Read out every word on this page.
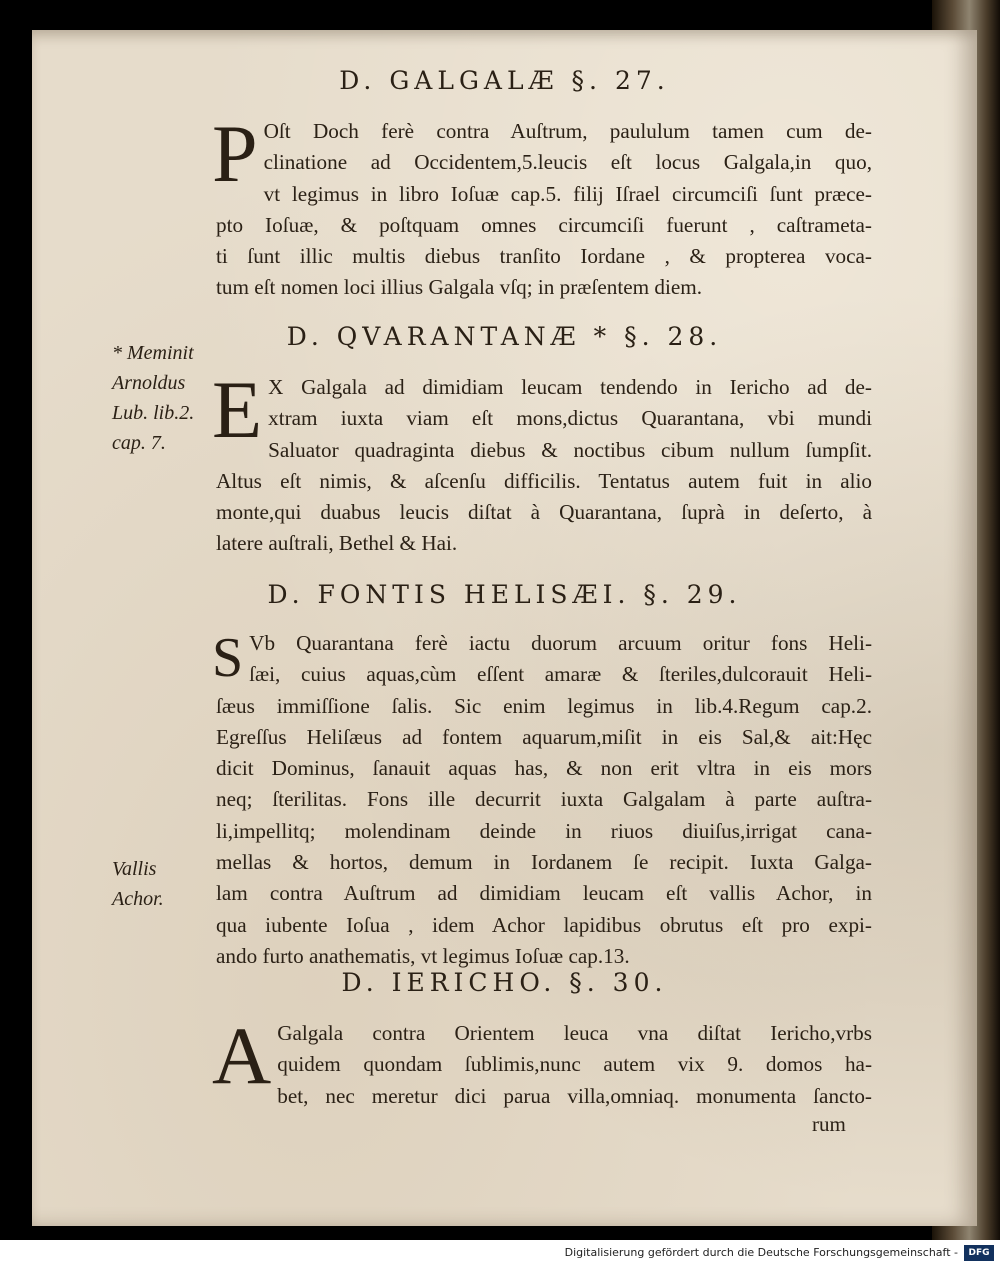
D. GALGALÆ §. 27.
P Oſt Doch ferè contra Auſtrum, paululum tamen cum de-
clinatione ad Occidentem,5.leucis eſt locus Galgala,in quo,
vt legimus in libro Ioſuæ cap.5. filij Iſrael circumciſi ſunt præce-
pto Ioſuæ, & poſtquam omnes circumciſi fuerunt , caſtrameta-
ti ſunt illic multis diebus tranſito Iordane , & propterea voca-
tum eſt nomen loci illius Galgala vſq; in præſentem diem.
D. QVARANTANÆ * §. 28.
* Meminit
Arnoldus
Lub. lib.2.
cap. 7. E X Galgala ad dimidiam leucam tendendo in Iericho ad de-
xtram iuxta viam eſt mons,dictus Quarantana, vbi mundi
Saluator quadraginta diebus & noctibus cibum nullum ſumpſit.
Altus eſt nimis, & aſcenſu difficilis. Tentatus autem fuit in alio
monte,qui duabus leucis diſtat à Quarantana, ſuprà in deſerto, à
latere auſtrali, Bethel & Hai.
D. FONTIS HELISÆI. §. 29.
S Vb Quarantana ferè iactu duorum arcuum oritur fons Heli-
ſæi, cuius aquas,cùm eſſent amaræ & ſteriles,dulcorauit Heli-
ſæus immiſſione ſalis. Sic enim legimus in lib.4.Regum cap.2.
Egreſſus Heliſæus ad fontem aquarum,miſit in eis Sal,& ait:Hęc
dicit Dominus, ſanauit aquas has, & non erit vltra in eis mors
neq; ſterilitas. Fons ille decurrit iuxta Galgalam à parte auſtra-
li,impellitq; molendinam deinde in riuos diuiſus,irrigat cana-
mellas & hortos, demum in Iordanem ſe recipit. Iuxta Galga-
lam contra Auſtrum ad dimidiam leucam eſt vallis Achor, in
qua iubente Ioſua , idem Achor lapidibus obrutus eſt pro expi-
ando furto anathematis, vt legimus Ioſuæ cap.13.
Vallis
Achor.
D. IERICHO. §. 30.
A Galgala contra Orientem leuca vna diſtat Iericho,vrbs
quidem quondam ſublimis,nunc autem vix 9. domos ha-
bet, nec meretur dici parua villa,omniaq. monumenta ſancto-
rum
Digitalisierung gefördert durch die Deutsche Forschungsgemeinschaft -	DFG
